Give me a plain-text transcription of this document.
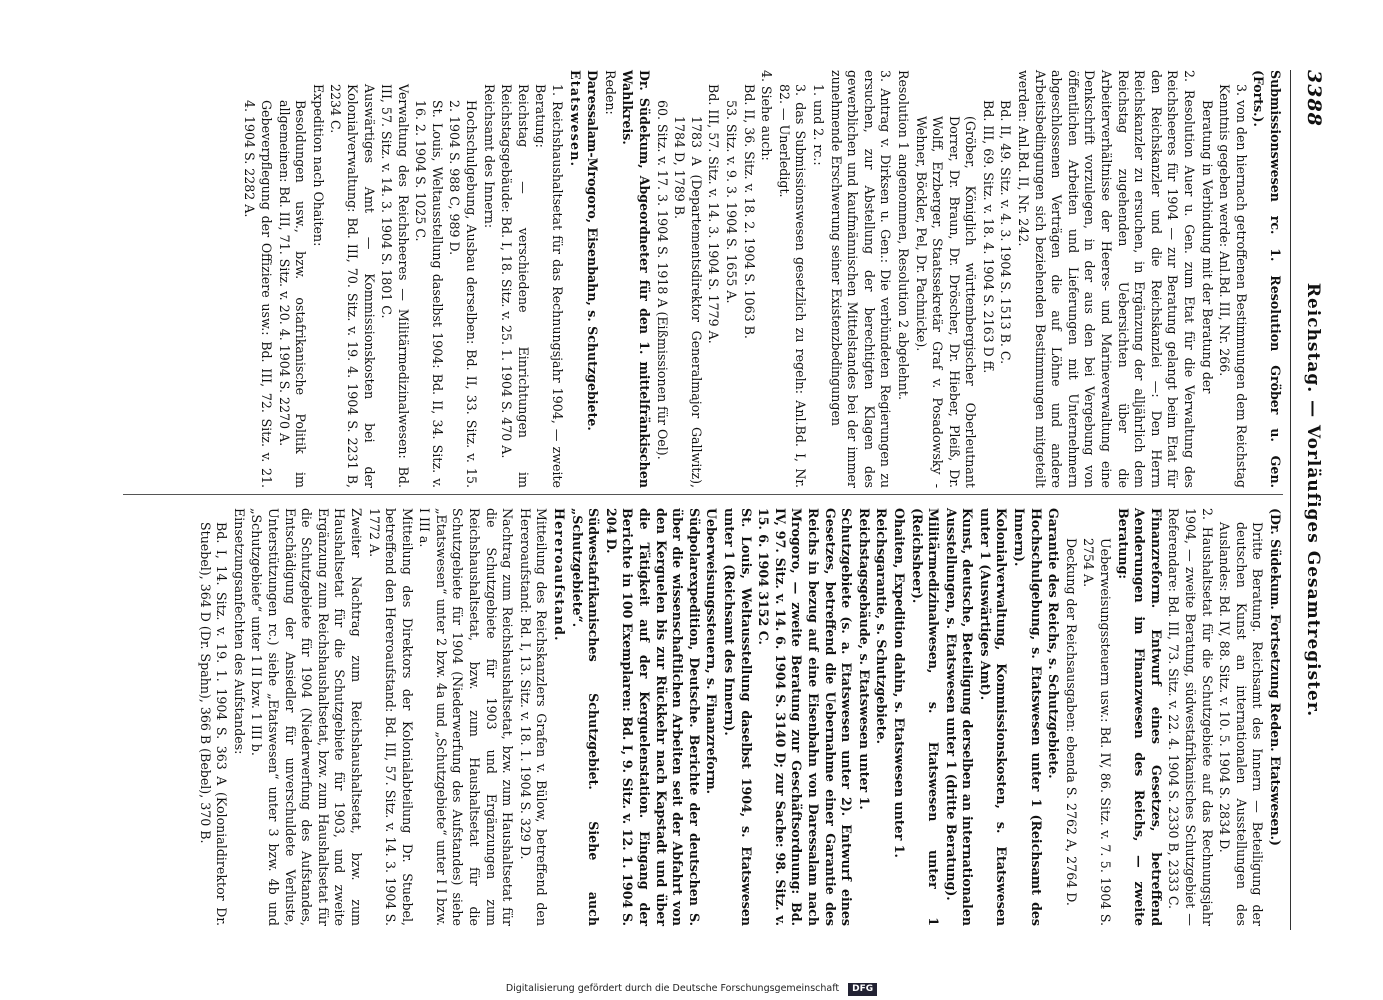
3388
Reichstag. — Vorläufiges Gesamtregister.

Submissionswesen rc. 1. Resolution Gröber u. Gen. (Forts.).

3. von den hiernach getroffenen Bestimmungen dem Reichstag Kenntnis gegeben werde: Anl.Bd. III, Nr. 266.

Beratung in Verbindung mit der Beratung der

2. Resolution Auer u. Gen. zum Etat für die Verwaltung des Reichsheeres für 1904 — zur Beratung gelangt beim Etat für den Reichskanzler und die Reichskanzlei —: Den Herrn Reichskanzler zu ersuchen, in Ergänzung der alljährlich dem Reichstag zugehenden Uebersichten über die Arbeiterverhältnisse der Heeres- und Marineverwaltung eine Denkschrift vorzulegen, in der aus den bei Vergebung von öffentlichen Arbeiten und Lieferungen mit Unternehmern abgeschlossenen Verträgen die auf Löhne und andere Arbeitsbedingungen sich beziehenden Bestimmungen mitgeteilt werden: Anl.Bd. II, Nr. 242.

Bd. II, 49. Sitz. v. 4. 3. 1904 S. 1513 B. C.

Bd. III, 69. Sitz. v. 18. 4. 1904 S. 2163 D ff.

(Gröber, Königlich württembergischer Oberleutnant Dorrer, Dr. Braun, Dr. Dröscher, Dr. Hieber, Pleiß, Dr. Wolff, Erzberger, Staatssekretär Graf v. Posadowsky - Wehner, Böckler, Pel, Dr. Pachnicke).

Resolution 1 angenommen, Resolution 2 abgelehnt.

3. Antrag v. Dirksen u. Gen.: Die verbündeten Regierungen zu ersuchen, zur Abstellung der berechtigten Klagen des gewerblichen und kaufmännischen Mittelstandes bei der immer zunehmende Erschwerung seiner Existenzbedingungen

1. und 2. rc.:

3. das Submissionswesen gesetzlich zu regeln: Anl.Bd. I, Nr. 82. — Unerledigt.

4. Siehe auch:

Bd. II, 36. Sitz. v. 18. 2. 1904 S. 1063 B.

53. Sitz. v. 9. 3. 1904 S. 1655 A.

Bd. III, 57. Sitz. v. 14. 3. 1904 S. 1779 A.

1783 A (Departementsdirektor Generalmajor Gallwitz), 1784 D, 1789 B.

60. Sitz. v. 17. 3. 1904 S. 1918 A (Eißmissionen für Oel).

Dr. Südekum, Abgeordneter für den 1. mittelfränkischen Wahlkreis.

Reden:

Daressalam-Mrogoro, Eisenbahn, s. Schutzgebiete.

Etatswesen.

1. Reichshaushaltsetat für das Rechnungsjahr 1904, — zweite Beratung:

Reichstag — verschiedene Einrichtungen im Reichstagsgebäude: Bd. I, 18. Sitz. v. 25. 1. 1904 S. 470 A.

Reichsamt des Innern:

Hochschulgebung, Ausbau derselben: Bd. II, 33. Sitz. v. 15. 2. 1904 S. 988 C, 989 D.

St. Louis, Weltausstellung daselbst 1904: Bd. II, 34. Sitz. v. 16. 2. 1904 S. 1025 C.

Verwaltung des Reichsheeres — Militärmedizinalwesen: Bd. III, 57. Sitz. v. 14. 3. 1904 S. 1801 C.

Auswärtiges Amt — Kommissionskosten bei der Kolonialverwaltung: Bd. III, 70. Sitz. v. 19. 4. 1904 S. 2231 B, 2234 C.

Expedition nach Ohaiten:

Besoldungen usw., bzw. ostafrikanische Politik im allgemeinen: Bd. III, 71. Sitz. v. 20. 4. 1904 S. 2270 A.

Gebeverpflegung der Offiziere usw.: Bd. III, 72. Sitz. v. 21. 4. 1904 S. 2282 A.

(Dr. Südekum. Fortsetzung Reden. Etatswesen.)

Dritte Beratung. Reichsamt des Innern — Beteiligung der deutschen Kunst an internationalen Ausstellungen des Auslandes: Bd. IV, 88. Sitz. v. 10. 5. 1904 S. 2834 D.

2. Haushaltsetat für die Schutzgebiete auf das Rechnungsjahr 1904, — zweite Beratung, südwestafrikanisches Schutzgebiet — Referendare: Bd. III, 73. Sitz. v. 22. 4. 1904 S. 2330 B, 2333 C.

Finanzreform. Entwurf eines Gesetzes, betreffend Aenderungen im Finanzwesen des Reichs, — zweite Beratung:

Ueberweisungssteuern usw.: Bd. IV, 86. Sitz. v. 7. 5. 1904 S. 2754 A.

Deckung der Reichsausgaben: ebenda S. 2762 A, 2764 D.

Garantie des Reichs, s. Schutzgebiete.

Hochschulgebung, s. Etatswesen unter 1 (Reichsamt des Innern).

Kolonialverwaltung, Kommissionskosten, s. Etatswesen unter 1 (Auswärtiges Amt).

Kunst, deutsche, Beteiligung derselben an internationalen Ausstellungen, s. Etatswesen unter 1 (dritte Beratung).

Militärmedizinalwesen, s. Etatswesen unter 1 (Reichsheer).

Ohaiten, Expedition dahin, s. Etatswesen unter 1.

Reichsgarantie, s. Schutzgebiete.

Reichstagsgebäude, s. Etatswesen unter 1.

Schutzgebiete (s. a. Etatswesen unter 2). Entwurf eines Gesetzes, betreffend die Uebernahme einer Garantie des Reichs in bezug auf eine Eisenbahn von Daressalam nach Mrogoro, — zweite Beratung zur Geschäftsordnung: Bd. IV, 97. Sitz. v. 14. 6. 1904 S. 3140 D; zur Sache: 98. Sitz. v. 15. 6. 1904 3152 C.

St. Louis, Weltausstellung daselbst 1904, s. Etatswesen unter 1 (Reichsamt des Innern).

Ueberweisungssteuern, s. Finanzreform.

Südpolarexpedition, Deutsche. Berichte der deutschen S. über die wissenschaftlichen Arbeiten seit der Abfahrt von den Kerguelen bis zur Rückkehr nach Kapstadt und über die Tätigkeit auf der Kerguelenstation. Eingang der Berichte in 100 Exemplaren: Bd. I, 9. Sitz. v. 12. 1. 1904 S. 204 D.

Südwestafrikanisches Schutzgebiet. Siehe auch „Schutzgebiete“.

Hereroaufstand.

Mitteilung des Reichskanzlers Grafen v. Bülow, betreffend den Hereroaufstand: Bd. I, 13. Sitz. v. 18. 1. 1904 S. 329 D.

Nachtrag zum Reichshaushaltsetat, bzw. zum Haushaltsetat für die Schutzgebiete für 1903 und Ergänzungen zum Reichshaushaltsetat, bzw. zum Haushaltsetat für die Schutzgebiete für 1904 (Niederwerfung des Aufstandes) siehe „Etatswesen“ unter 2 bzw. 4a und „Schutzgebiete“ unter I I bzw. I III a.

Mitteilung des Direktors der Kolonialabteilung Dr. Stuebel, betreffend den Hereroaufstand: Bd. III, 57. Sitz. v. 14. 3. 1904 S. 1772 A.

Zweiter Nachtrag zum Reichshaushaltsetat, bzw. zum Haushaltsetat für die Schutzgebiete für 1903, und zweite Ergänzung zum Reichshaushaltsetat, bzw. zum Haushaltsetat für die Schutzgebiete für 1904 (Niederwerfung des Aufstandes, Entschädigung der Ansiedler für unverschuldete Verluste, Unterstützungen rc.) siehe „Etatswesen“ unter 3 bzw. 4b und „Schutzgebiete“ unter 1 II bzw. 1 III b.

Einsetzungsanfechten des Aufstandes:

Bd. I, 14. Sitz. v. 19. 1. 1904 S. 363 A (Kolonialdirektor Dr. Stuebel), 364 D (Dr. Spahn), 366 B (Bebel), 370 B.

Digitalisierung gefördert durch die Deutsche Forschungsgemeinschaft DFG
